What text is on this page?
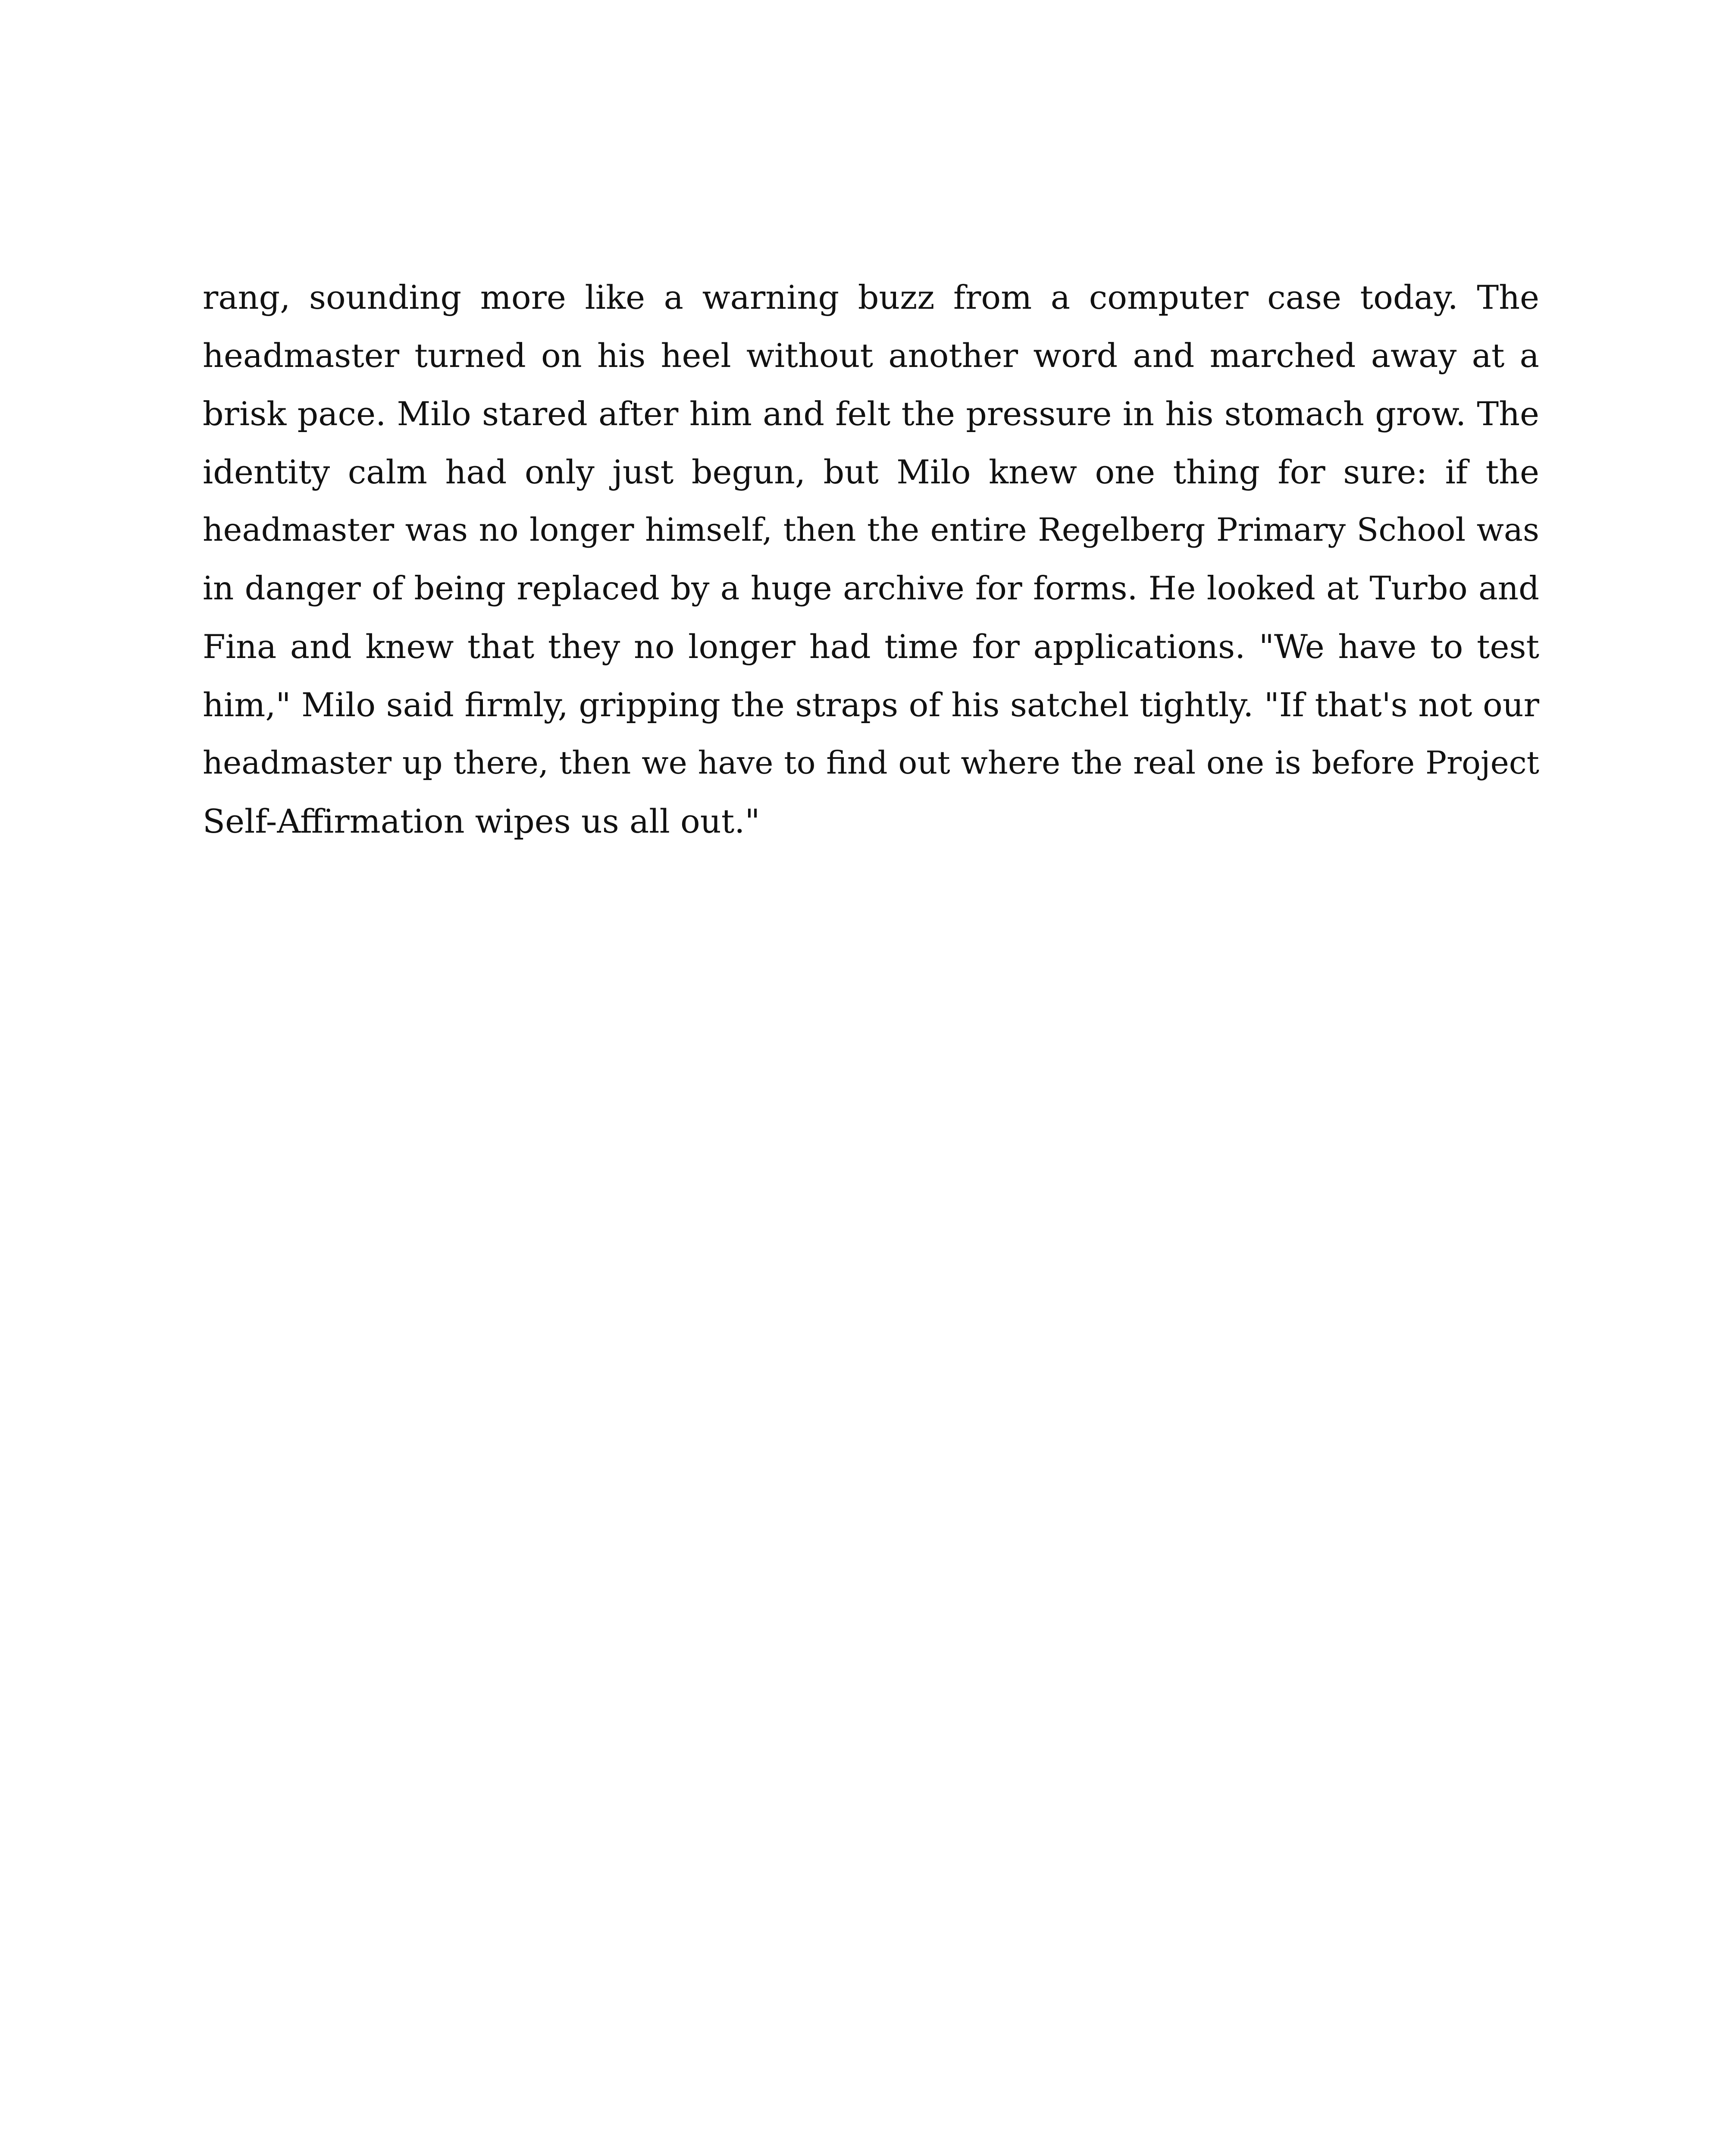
rang, sounding more like a warning buzz from a computer case today. The
headmaster turned on his heel without another word and marched away at a
brisk pace. Milo stared after him and felt the pressure in his stomach grow. The
identity calm had only just begun, but Milo knew one thing for sure: if the
headmaster was no longer himself, then the entire Regelberg Primary School was
in danger of being replaced by a huge archive for forms. He looked at Turbo and
Fina and knew that they no longer had time for applications. "We have to test
him," Milo said firmly, gripping the straps of his satchel tightly. "If that's not our
headmaster up there, then we have to find out where the real one is before Project
Self-Affirmation wipes us all out."
